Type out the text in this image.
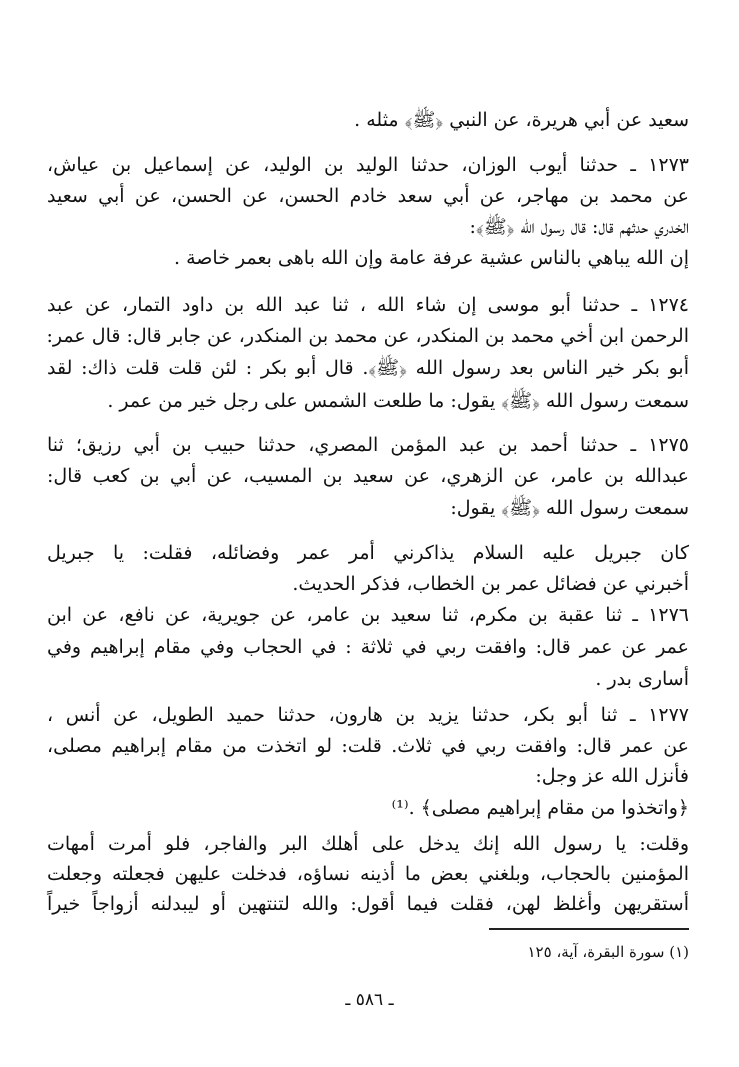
سعيد عن أبي هريرة، عن النبي ﴿ﷺ﴾ مثله .
١٢٧٣ ـ حدثنا أيوب الوزان، حدثنا الوليد بن الوليد، عن إسماعيل بن عياش،
عن محمد بن مهاجر، عن أبي سعد خادم الحسن، عن الحسن، عن أبي سعيد
الخدري حدثهم قال: قال رسول الله ﴿ﷺ﴾:
إن الله يباهي بالناس عشية عرفة عامة وإن الله باهى بعمر خاصة .
١٢٧٤ ـ حدثنا أبو موسى إن شاء الله ، ثنا عبد الله بن داود التمار، عن عبد
الرحمن ابن أخي محمد بن المنكدر، عن محمد بن المنكدر، عن جابر قال: قال عمر:
أبو بكر خير الناس بعد رسول الله ﴿ﷺ﴾. قال أبو بكر : لئن قلت قلت ذاك: لقد
سمعت رسول الله ﴿ﷺ﴾ يقول: ما طلعت الشمس على رجل خير من عمر .
١٢٧٥ ـ حدثنا أحمد بن عبد المؤمن المصري، حدثنا حبيب بن أبي رزيق؛ ثنا
عبدالله بن عامر، عن الزهري، عن سعيد بن المسيب، عن أبي بن كعب قال:
سمعت رسول الله ﴿ﷺ﴾ يقول:
كان جبريل عليه السلام يذاكرني أمر عمر وفضائله، فقلت: يا جبريل
أخبرني عن فضائل عمر بن الخطاب، فذكر الحديث.
١٢٧٦ ـ ثنا عقبة بن مكرم، ثنا سعيد بن عامر، عن جويرية، عن نافع، عن ابن
عمر عن عمر قال: وافقت ربي في ثلاثة : في الحجاب وفي مقام إبراهيم وفي
أسارى بدر .
١٢٧٧ ـ ثنا أبو بكر، حدثنا يزيد بن هارون، حدثنا حميد الطويل، عن أنس ،
عن عمر قال: وافقت ربي في ثلاث. قلت: لو اتخذت من مقام إبراهيم مصلى،
فأنزل الله عز وجل:
﴿واتخذوا من مقام إبراهيم مصلى﴾ .⁽¹⁾
وقلت: يا رسول الله إنك يدخل على أهلك البر والفاجر، فلو أمرت أمهات
المؤمنين بالحجاب، وبلغني بعض ما أذينه نساؤه، فدخلت عليهن فجعلته وجعلت
أستقريهن وأغلظ لهن، فقلت فيما أقول: والله لتنتهين أو ليبدلنه أزواجاً خيراً
(١) سورة البقرة، آية، ١٢٥
ـ ٥٨٦ ـ
